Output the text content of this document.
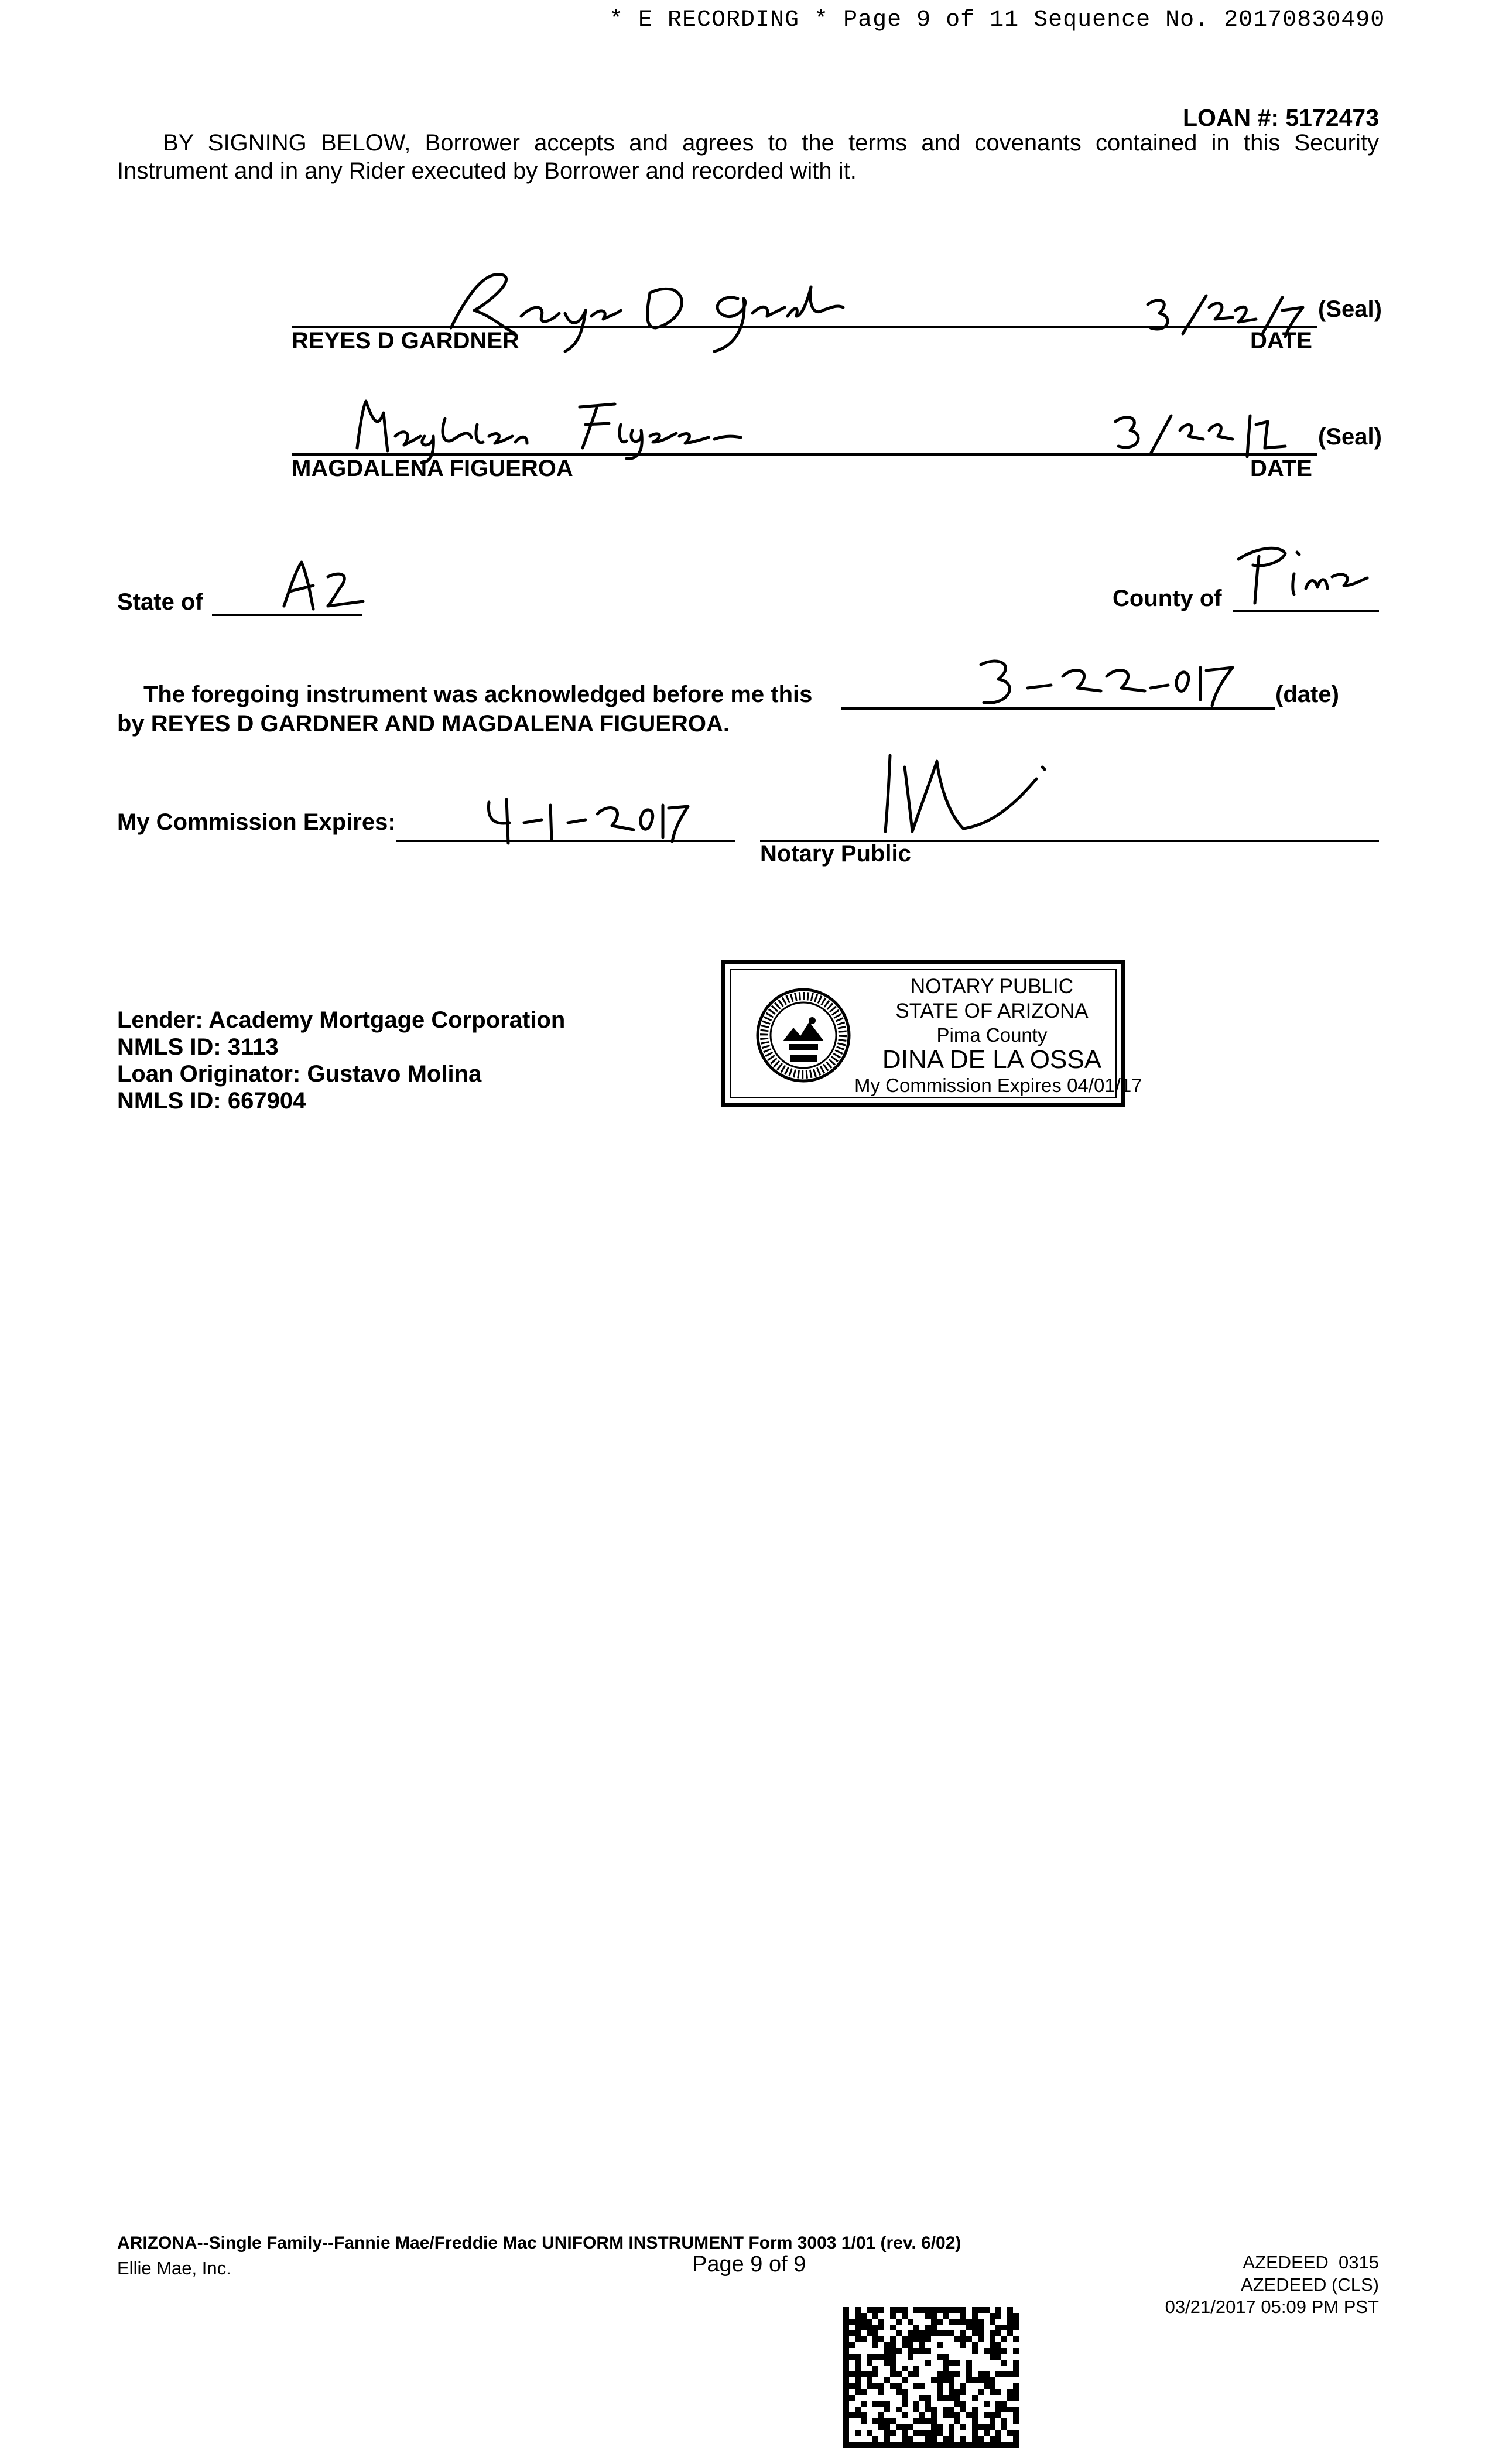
* E RECORDING * Page 9 of 11 Sequence No. 20170830490
LOAN #: 5172473
BY SIGNING BELOW, Borrower accepts and agrees to the terms and covenants contained in this Security
Instrument and in any Rider executed by Borrower and recorded with it.
(Seal)
REYES D GARDNER	DATE
(Seal)
MAGDALENA FIGUEROA	DATE
State of	County of
The foregoing instrument was acknowledged before me this	(date)
by REYES D GARDNER AND MAGDALENA FIGUEROA.
My Commission Expires:
Notary Public
Lender: Academy Mortgage Corporation
NMLS ID: 3113
Loan Originator: Gustavo Molina
NMLS ID: 667904
NOTARY PUBLIC
STATE OF ARIZONA
Pima County
DINA DE LA OSSA
My Commission Expires 04/01/17
ARIZONA--Single Family--Fannie Mae/Freddie Mac UNIFORM INSTRUMENT Form 3003 1/01 (rev. 6/02)
Ellie Mae, Inc.	Page 9 of 9	AZEDEED  0315
AZEDEED (CLS)
03/21/2017 05:09 PM PST
